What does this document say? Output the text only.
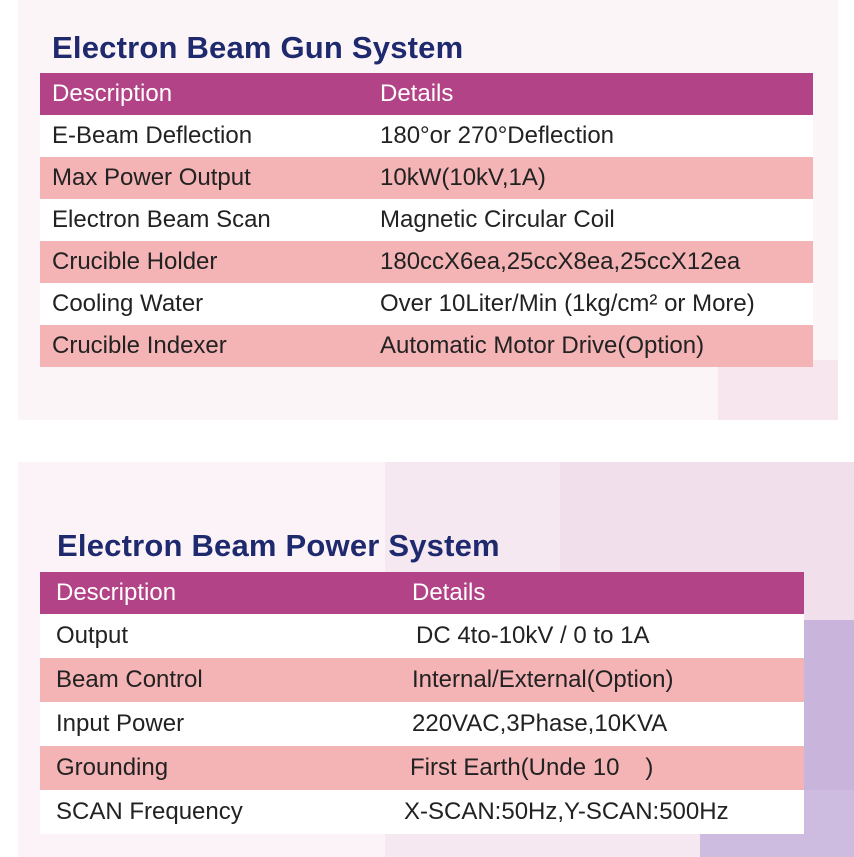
Electron Beam Gun System
Description	Details
E-Beam Deflection	180°or 270°Deflection
Max Power Output	10kW(10kV,1A)
Electron Beam Scan	Magnetic Circular Coil
Crucible Holder	180ccX6ea,25ccX8ea,25ccX12ea
Cooling Water	Over 10Liter/Min (1kg/cm² or More)
Crucible Indexer	Automatic Motor Drive(Option)
Electron Beam Power System
Description	Details
Output	DC 4to-10kV / 0 to 1A
Beam Control	Internal/External(Option)
Input Power	220VAC,3Phase,10KVA
Grounding	First Earth(Unde 10 )
SCAN Frequency	X-SCAN:50Hz,Y-SCAN:500Hz
